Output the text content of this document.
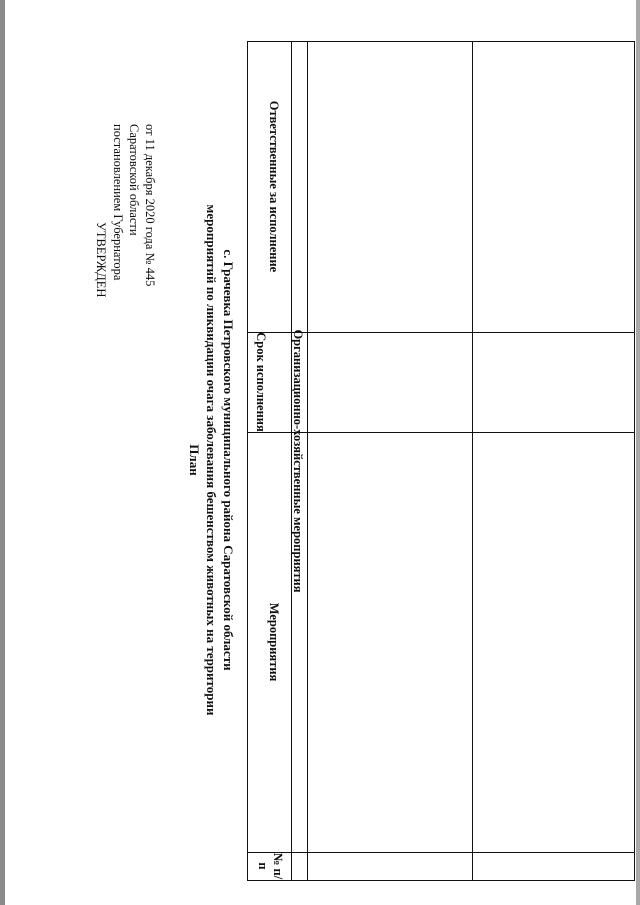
УТВЕРЖДЕН постановлением Губернатора Саратовской области от 11 декабря 2020 года № 445
План мероприятий по ликвидации очага заболевания бешенством животных на территории с. Грачевка Петровского муниципального района Саратовской области
№ п/п
Мероприятия
Срок исполнения
Ответственные за исполнение
Организационно-хозяйственные мероприятия
